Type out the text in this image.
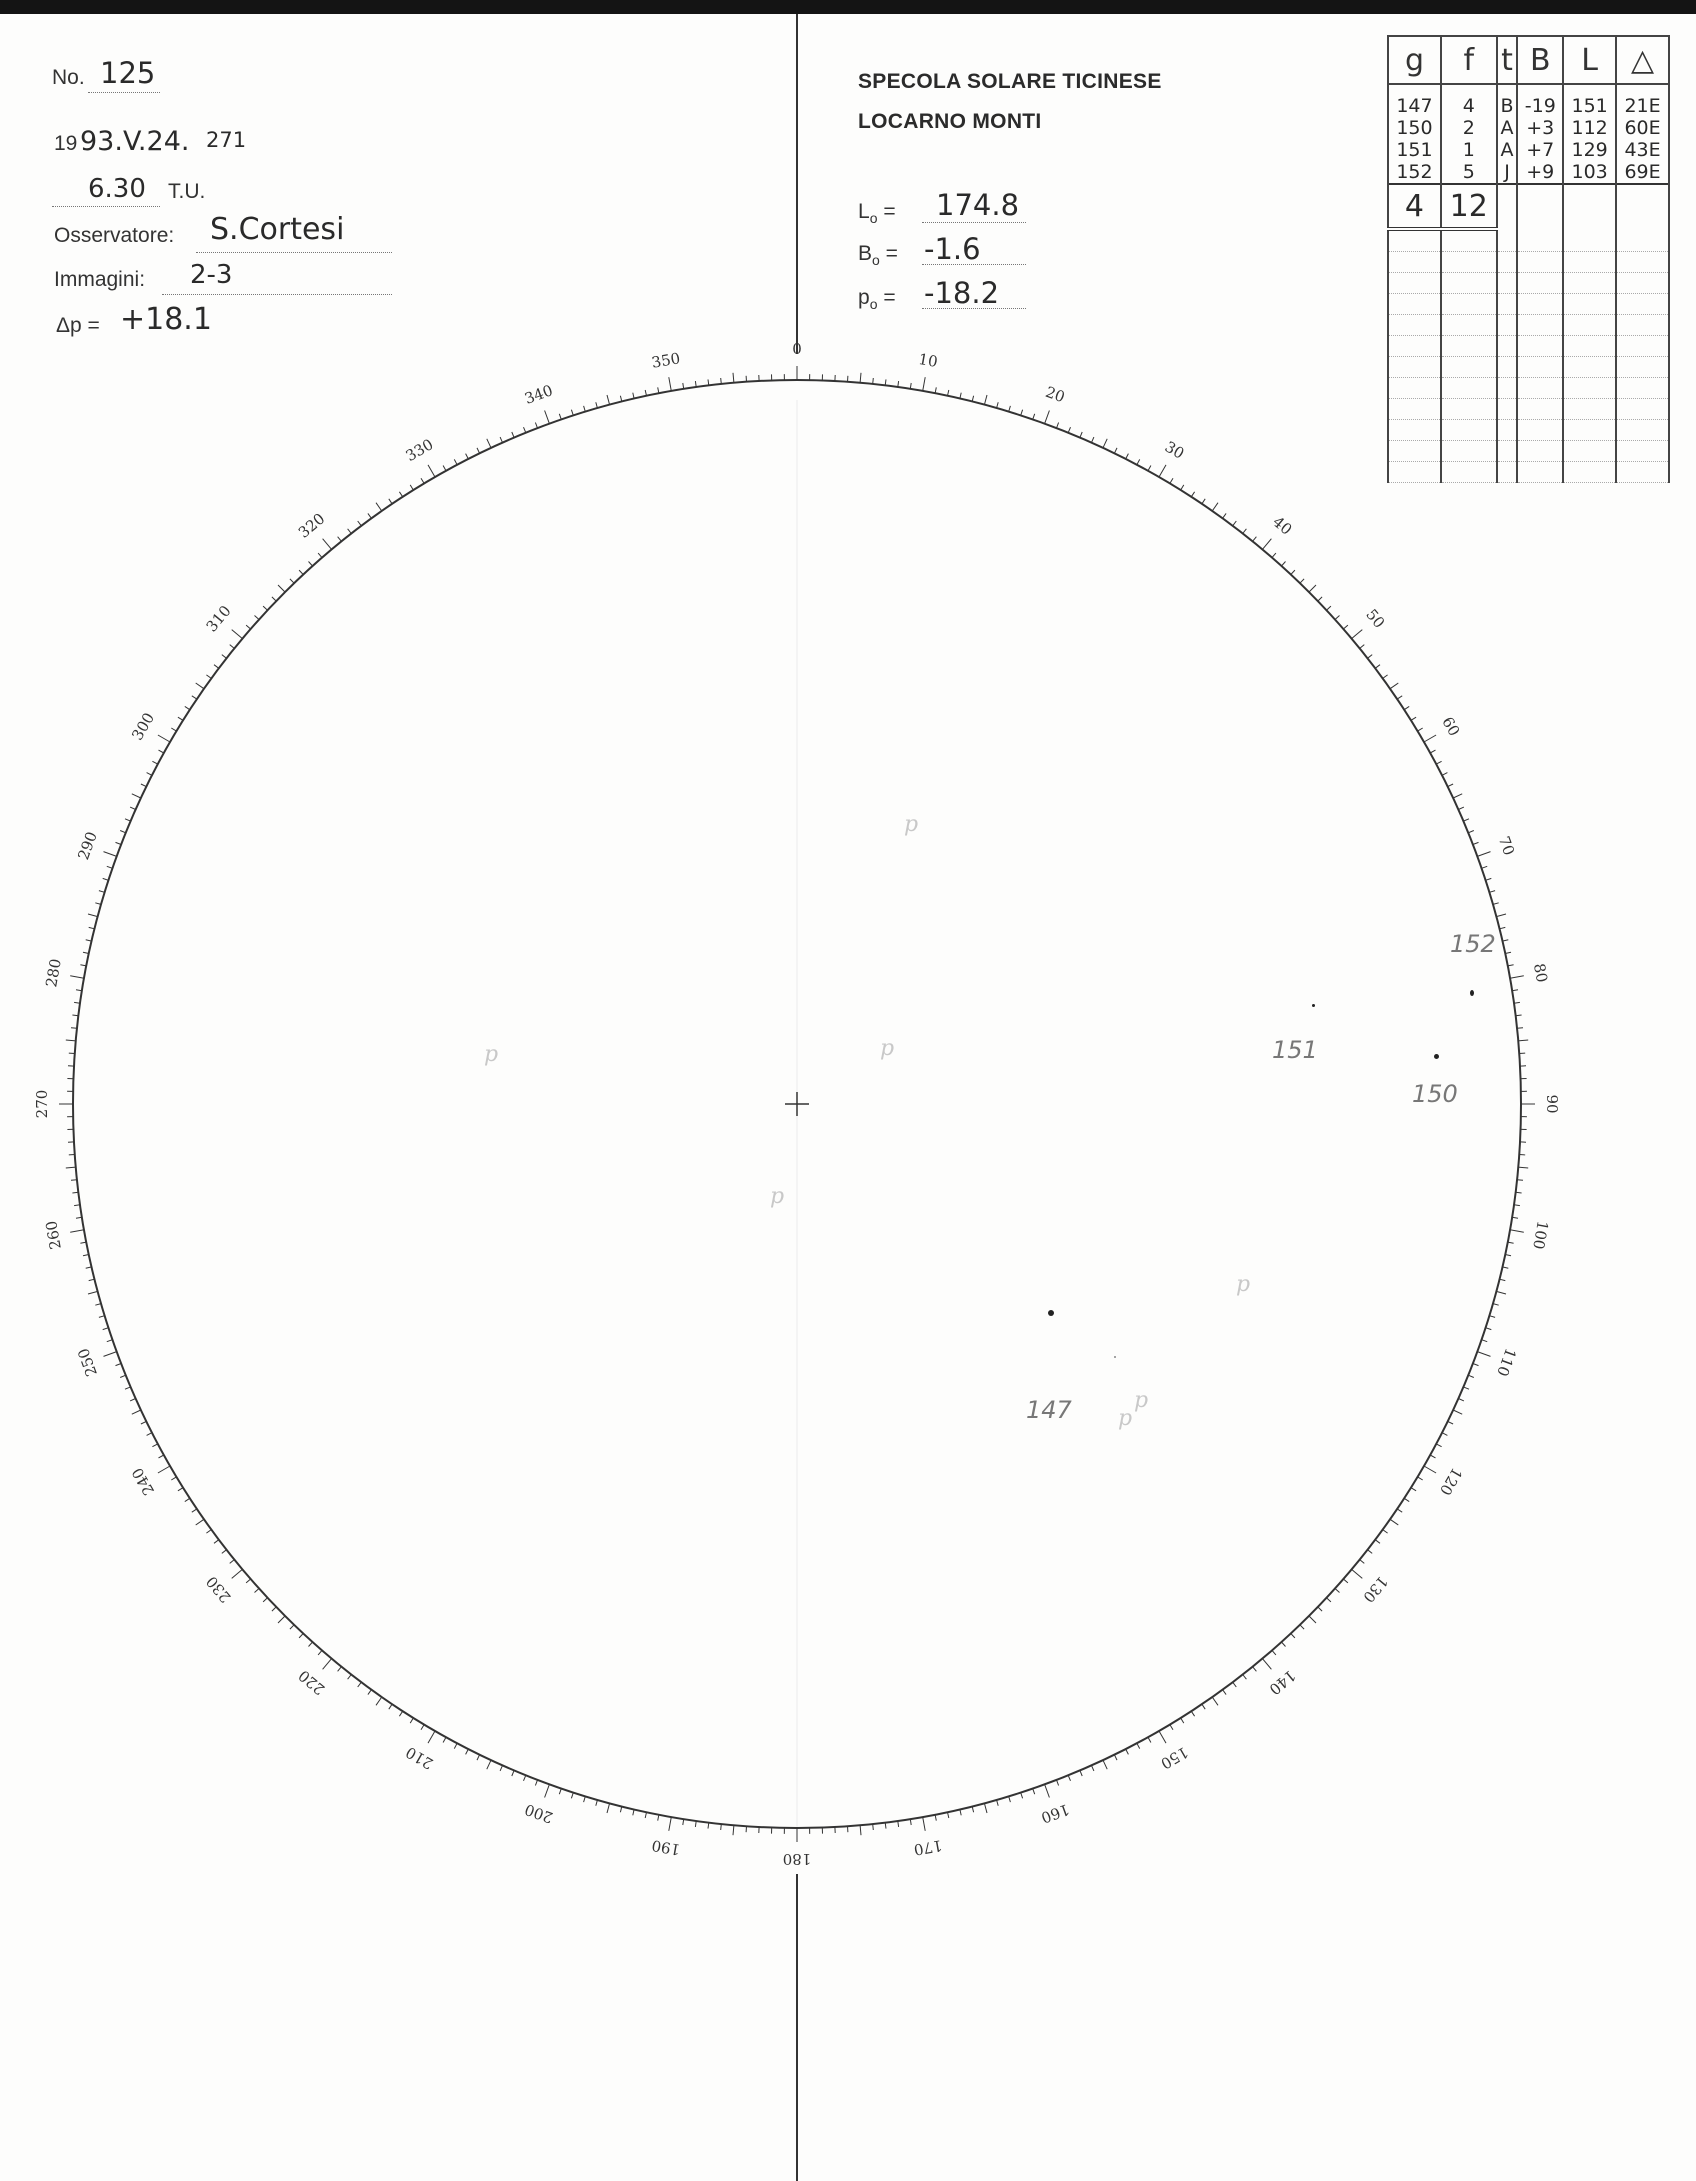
No. 125
19 93.V.24. 271
6.30 T.U.
Osservatore: S.Cortesi
Immagini: 2-3
Δp = +18.1
SPECOLA SOLARE TICINESE
LOCARNO MONTI
$L_o = 174.8$
$B_o = -1.6$
$p_o = -18.2$
g	f	t	B	L	△
147	4	B	-19	151	21E
150	2	A	+3	112	60E
151	1	A	+7	129	43E
152	5	J	+9	103	69E
4	12				

0
10
20
30
40
50
60
70
80
90
100
110
120
130
140
150
160
170
180
190
200
210
220
230
240
250
260
270
280
290
300
310
320
330
340
350
152
151
150
147
p
p	p
p
p
p
p
